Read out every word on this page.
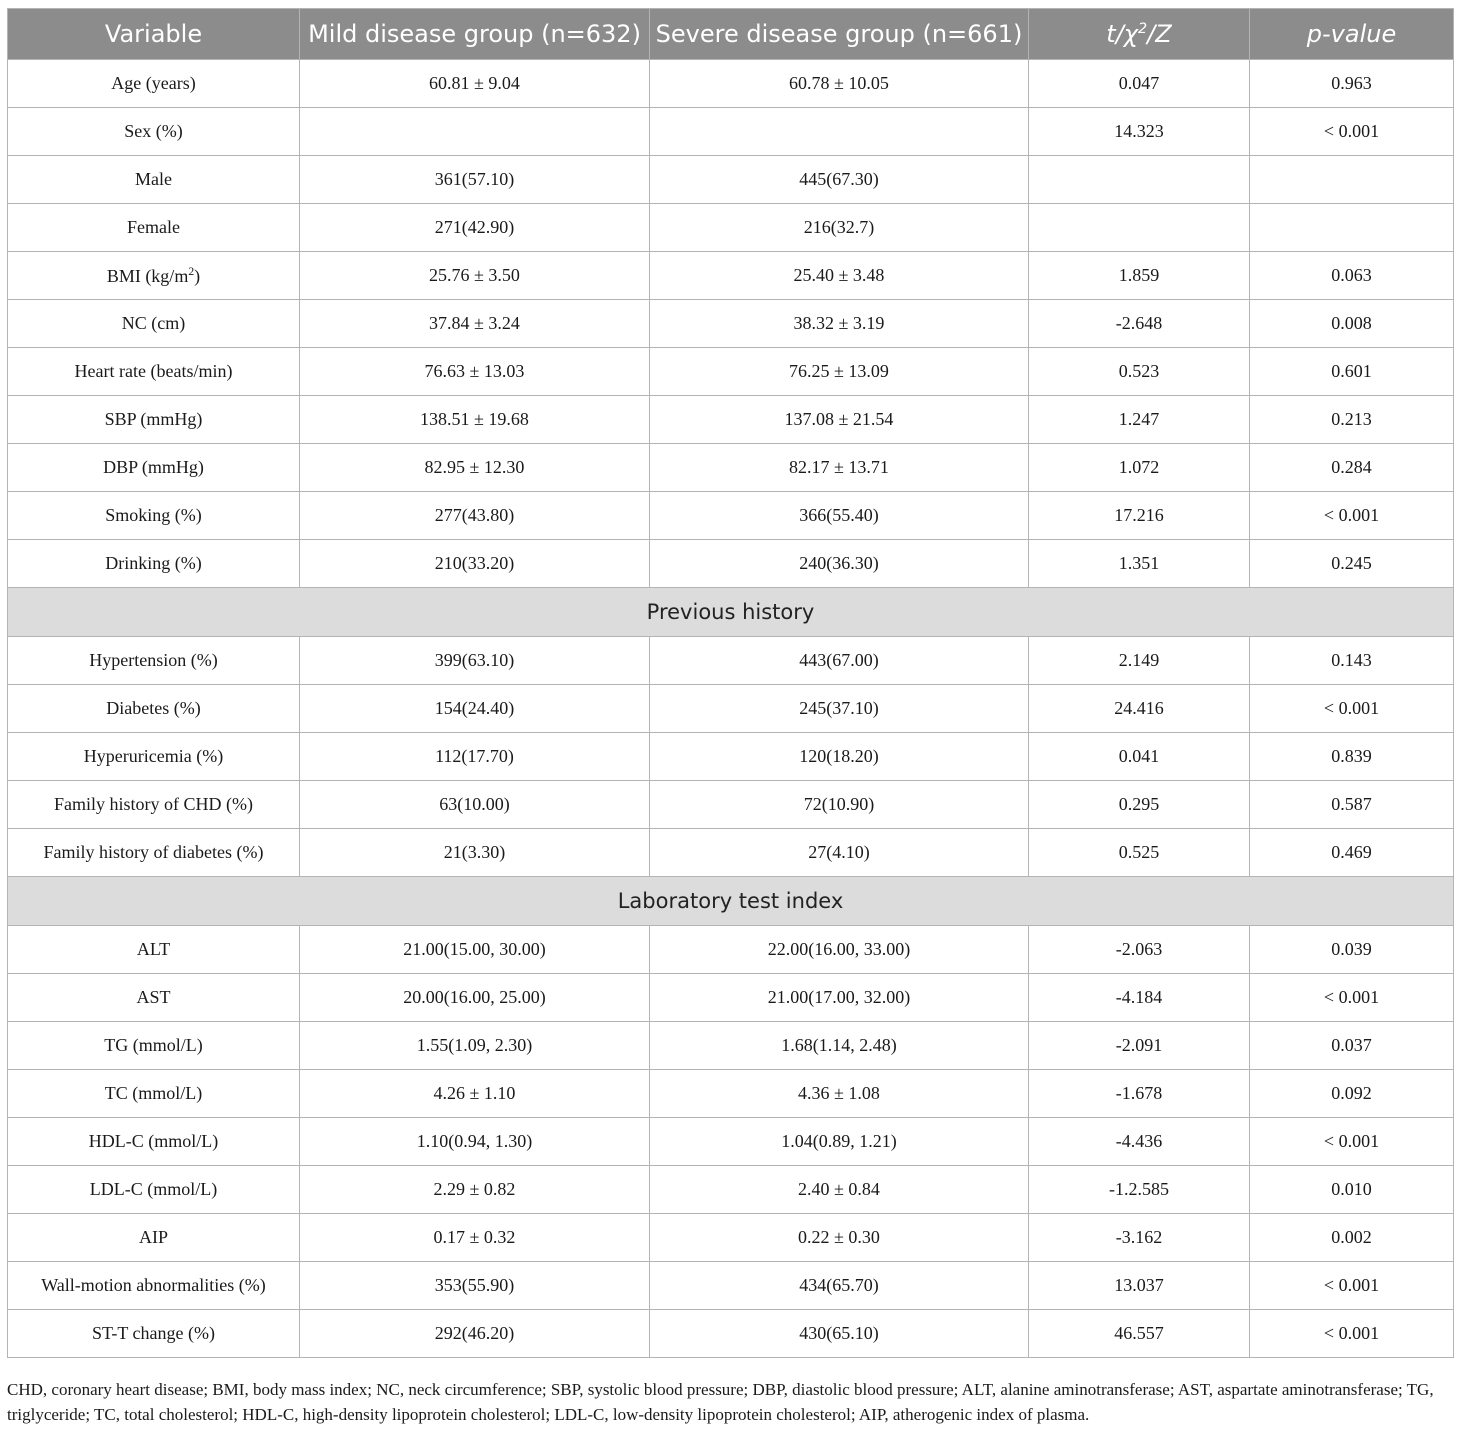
Variable	Mild disease group (n=632)	Severe disease group (n=661)	$t/\chi^2/Z$	p-value
Age (years)	60.81 ± 9.04	60.78 ± 10.05	0.047	0.963
Sex (%)			14.323	< 0.001
Male	361(57.10)	445(67.30)		
Female	271(42.90)	216(32.7)		
BMI $(kg/m^2)$	25.76 ± 3.50	25.40 ± 3.48	1.859	0.063
NC (cm)	37.84 ± 3.24	38.32 ± 3.19	-2.648	0.008
Heart rate (beats/min)	76.63 ± 13.03	76.25 ± 13.09	0.523	0.601
SBP (mmHg)	138.51 ± 19.68	137.08 ± 21.54	1.247	0.213
DBP (mmHg)	82.95 ± 12.30	82.17 ± 13.71	1.072	0.284
Smoking (%)	277(43.80)	366(55.40)	17.216	< 0.001
Drinking (%)	210(33.20)	240(36.30)	1.351	0.245
Previous history				
Hypertension (%)	399(63.10)	443(67.00)	2.149	0.143
Diabetes (%)	154(24.40)	245(37.10)	24.416	< 0.001
Hyperuricemia (%)	112(17.70)	120(18.20)	0.041	0.839
Family history of CHD (%)	63(10.00)	72(10.90)	0.295	0.587
Family history of diabetes (%)	21(3.30)	27(4.10)	0.525	0.469
Laboratory test index				
ALT	21.00(15.00, 30.00)	22.00(16.00, 33.00)	-2.063	0.039
AST	20.00(16.00, 25.00)	21.00(17.00, 32.00)	-4.184	< 0.001
TG (mmol/L)	1.55(1.09, 2.30)	1.68(1.14, 2.48)	-2.091	0.037
TC (mmol/L)	4.26 ± 1.10	4.36 ± 1.08	-1.678	0.092
HDL-C (mmol/L)	1.10(0.94, 1.30)	1.04(0.89, 1.21)	-4.436	< 0.001
LDL-C (mmol/L)	2.29 ± 0.82	2.40 ± 0.84	-1.2.585	0.010
AIP	0.17 ± 0.32	0.22 ± 0.30	-3.162	0.002
Wall-motion abnormalities (%)	353(55.90)	434(65.70)	13.037	< 0.001
ST-T change (%)	292(46.20)	430(65.10)	46.557	< 0.001
CHD, coronary heart disease; BMI, body mass index; NC, neck circumference; SBP, systolic blood pressure; DBP, diastolic blood pressure; ALT, alanine aminotransferase; AST, aspartate aminotransferase; TG, triglyceride; TC, total cholesterol; HDL-C, high-density lipoprotein cholesterol; LDL-C, low-density lipoprotein cholesterol; AIP, atherogenic index of plasma.
